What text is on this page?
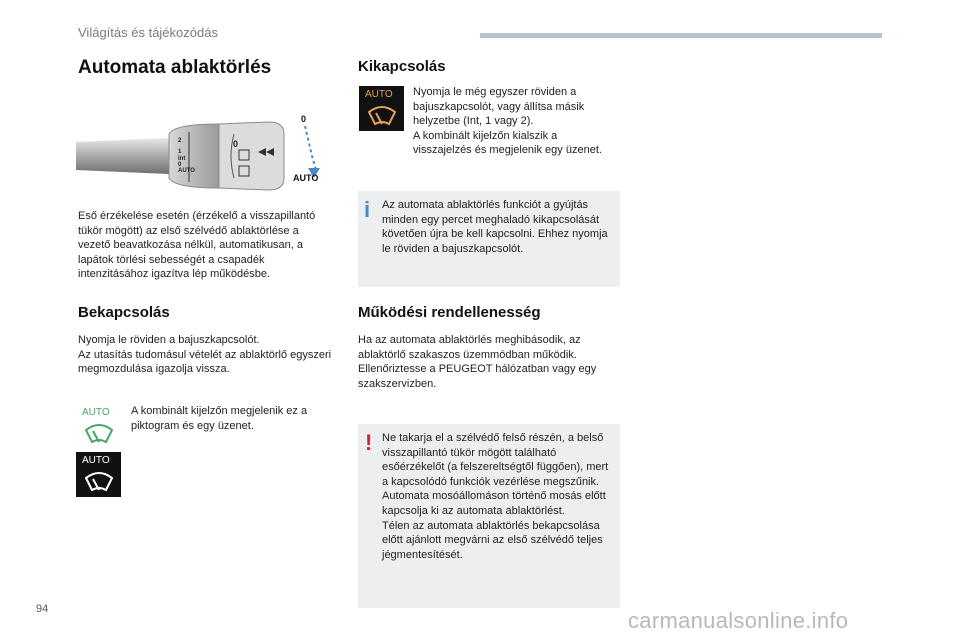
Világítás és tájékozódás
Automata ablaktörlés
0
AUTO
2
1
Int
0
AUTO
0
Eső érzékelése esetén (érzékelő a visszapillantó tükör mögött) az első szélvédő ablaktörlése a vezető beavatkozása nélkül, automatikusan, a lapátok törlési sebességét a csapadék intenzitásához igazítva lép működésbe.
Bekapcsolás
Nyomja le röviden a bajuszkapcsolót.
Az utasítás tudomásul vételét az ablaktörlő egyszeri megmozdulása igazolja vissza.
AUTO
AUTO
A kombinált kijelzőn megjelenik ez a piktogram és egy üzenet.
Kikapcsolás
AUTO Nyomja le még egyszer röviden a bajuszkapcsolót, vagy állítsa másik helyzetbe (Int, 1 vagy 2).
A kombinált kijelzőn kialszik a visszajelzés és megjelenik egy üzenet.
i Az automata ablaktörlés funkciót a gyújtás minden egy percet meghaladó kikapcsolását követően újra be kell kapcsolni. Ehhez nyomja le röviden a bajuszkapcsolót.
Működési rendellenesség
Ha az automata ablaktörlés meghibásodik, az ablaktörlő szakaszos üzemmódban működik. Ellenőriztesse a PEUGEOT hálózatban vagy egy szakszervizben.
! Ne takarja el a szélvédő felső részén, a belső visszapillantó tükör mögött található esőérzékelőt (a felszereltségtől függően), mert a kapcsolódó funkciók vezérlése megszűnik.
Automata mosóállomáson történő mosás előtt kapcsolja ki az automata ablaktörlést.
Télen az automata ablaktörlés bekapcsolása előtt ajánlott megvárni az első szélvédő teljes jégmentesítését.
94	carmanualsonline.info
